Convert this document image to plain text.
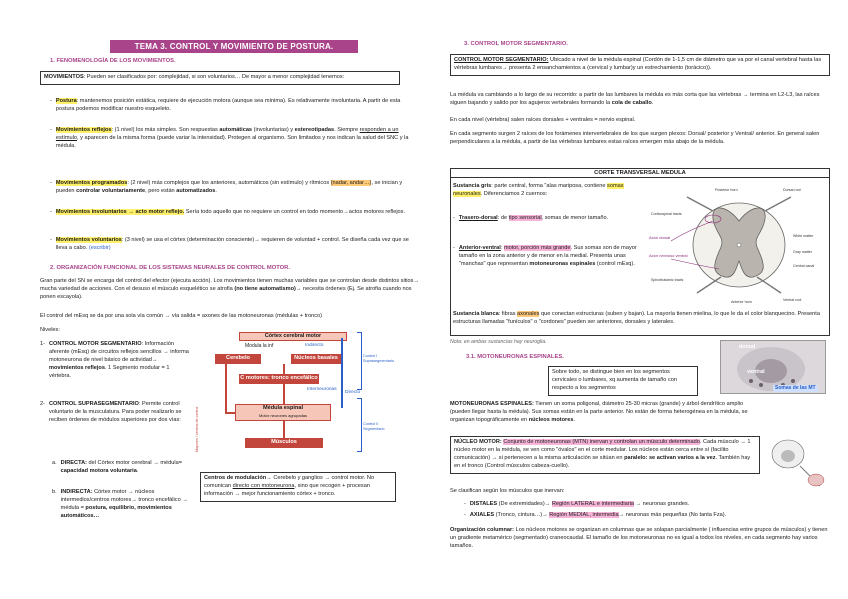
TEMA 3. CONTROL Y MOVIMIENTO DE POSTURA.
1. FENOMENOLOGÍA DE LOS MOVIMIENTOS.
MOVIMIENTOS: Pueden ser clasificados por: complejidad, si son voluntarios… De mayor a menor complejidad tenemos:
- Postura: mantenemos posición estática, requiere de ejecución motora (aunque sea mínima). Es relativamente involuntaria. A partir de esta postura podemos modificar nuestro esqueleto.
- Movimientos reflejos: (1 nivel) los más simples. Son respuestas automáticas (involuntarias) y estereotipadas. Siempre responden a un estímulo, y aparecen de la misma forma (puede variar la intensidad). Protegen al organismo. Son limitados y nos indican la salud del SNC y la médula.
- Movimientos programados: (2 nivel) más complejos que los anteriores, automáticos (sin estímulo) y rítmicos (nadar, andar…), se inician y pueden controlar voluntariamente, pero están automatizados.
- Movimientos involuntarios → acto motor reflejo. Sería todo aquello que no requiere un control en todo momento→actos motores reflejos.
- Movimientos voluntarios: (3 nivel) se usa el córtex (determinación consciente)→ requieren de voluntad + control. Se diseña cada vez que se lleva a cabo. (escribir)
2. ORGANIZACIÓN FUNCIONAL DE LOS SISTEMAS NEURALES DE CONTROL MOTOR.
Gran parte del SN se encarga del control del efector (ejecuta acción). Los movimientos tienen muchas variables que se controlan desde distintos sitios→ mucha variedad de acciones. Con el desuso el músculo esquelético se atrofia (no tiene automatismo)→ necesita órdenes (Ej. Se atrofia cuando nos ponen escayola).
El control del mEsq se da por una sola vía común → vía salida = axones de las motoneuronas (médulas + tronco)
Niveles:
1- CONTROL MOTOR SEGMENTARIO: Información aferente (mEsq) de circuitos reflejos sencillos → informa motoneurona de nivel básico de actividad→ movimientos reflejos. 1 Segmento modular = 1 vértebra.
2- CONTROL SUPRASEGMENTARIO: Permite control voluntario de la musculatura. Para poder realizarlo se reciben órdenes de módulos superiores por dos vías:
a. DIRECTA: del Córtex motor cerebral → médula= capacidad motora voluntaria.
b. INDIRECTA: Córtex motor → núcleos intermedios/centros motores→ tronco encefálico → médula = postura, equilibrio, movimientos automáticos…
Centros de modulación→ Cerebelo y ganglios → control motor. No comunican directo con motoneurona, sino que recogen + procesan información → mejor funcionamiento córtex + tronco.
Mayores / centros de control
Córtex cerebral motor
Modula la inf	Indirecto
Cerebelo	Núcleos basales
C motores: tronco encefálico
Interneuronas
Directo
Médula espinal
Motor neurones agrupadas
Músculos
Control I
Suprasegmentario
Control II Segmentario
3. CONTROL MOTOR SEGMENTARIO.
CONTROL MOTOR SEGMENTARIO: Ubicado a nivel de la médula espinal (Cordón de 1-1,5 cm de diámetro que va por el canal vertebral hasta las vértebras lumbares→ presenta 2 ensanchamientos a (cervical y lumbar)y un estrechamiento (torácico)).
La médula va cambiando a lo largo de su recorrido: a partir de las lumbares la médula es más corta que las vértebras → termina en L2-L3, las raíces siguen bajando y salido por los agujeros vertebrales formando la cola de caballo.
En cada nivel (vértebra) salen raíces dorsales + ventrales = nervio espinal.
En cada segmento surgen 2 raíces de los forámenes intervertebrales de los que surgen plexos: Dorsal/ posterior y Ventral/ anterior. En general salen perpendiculares a la médula, a partir de las vértebras lumbares estas raíces emergen más abajo de la médula.
CORTE TRANSVERSAL MEDULA
Sustancia gris: parte central, forma "alas mariposa, contiene somas neuronales. Diferenciamos 2 cuernos:
- Trasero-dorsal: de tipo sensorial, somas de menor tamaño.
- Anterior-ventral: motor, porción más grande. Sus somas son de mayor tamaño en la zona anterior y de menor en la medial. Presenta unas "manchas" que representan motoneuronas espinales (control mEsq).
Sustancia blanca: fibras axonales que conectan estructuras (suben y bajan). La mayoría tienen mielina, lo que le da el color blanquecino. Presenta estructuras llamadas "funículos" o "cordones" pueden ser anteriores, dorsales y laterales.
Corticospinal tracts
Posterior horn	Dorsal root
White matter
Gray matter
Central canal
Spinothalamic tracts
Anterior horn	Ventral root
Axón dorsal
Axón nervioso ventral
Nota: en ambas sustancias hay neuroglia.
3.1. MOTONEURONAS ESPINALES.
Sobre todo, se distingue bien en los segmentos cervicales o lumbares, xq aumenta de tamaño con respecto a los segmentos
dorsal
ventral
Somas de las MT
MOTONEURONAS ESPINALES: Tienen un soma poligonal, diámetro 25-30 micras (grande) y árbol dendrítico amplio (pueden llegar hasta la médula). Sus somas están en la parte anterior. No están de forma heterogénea en la médula, se organizan topográficamente en núcleos motores.
NÚCLEO MOTOR: Conjunto de motoneuronas (MTN) inervan y controlan un músculo determinado. Cada músculo → 1 núcleo motor en la médula, se ven como "óvalos" en el corte medular. Los núcleos están cerca entre sí (facilito comunicación) → si pertenecen a la misma articulación se sitúan en paralelo: se activan varios a la vez. También hay en el tronco (Control músculos cabeza-cuello).
Se clasifican según los músculos que inervan:
- DISTALES (De extremidades)→ Región LATERAL e intermediaria → neuronas grandes.
- AXIALES (Tronco, cintura…)→ Región MEDIAL, intermedia→ neuronas más pequeñas (No tanta Fza).
Organización columnar: Los núcleos motores se organizan en columnas que se solapan parcialmente ( influencias entre grupos de músculos) y tienen un gradiente metamérico (segmentado) craneocaudal. El tamaño de los motoneuronas no es igual a todos los niveles, en cada segmento hay varios tamaños.
